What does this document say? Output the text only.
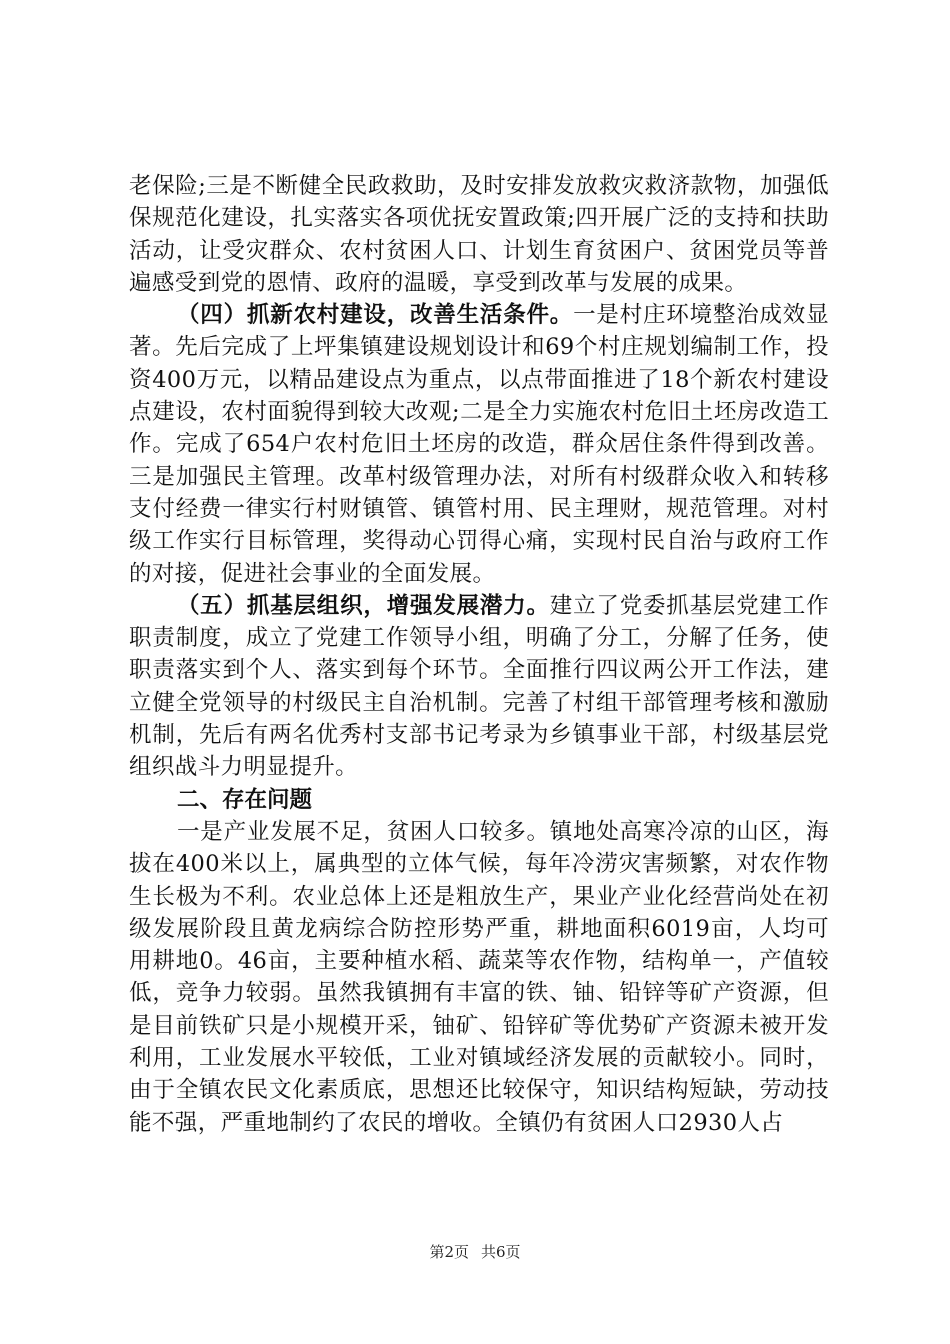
老保险;三是不断健全民政救助，及时安排发放救灾救济款物，加强低保规范化建设，扎实落实各项优抚安置政策;四开展广泛的支持和扶助活动，让受灾群众、农村贫困人口、计划生育贫困户、贫困党员等普遍感受到党的恩情、政府的温暖，享受到改革与发展的成果。

（四）抓新农村建设，改善生活条件。一是村庄环境整治成效显著。先后完成了上坪集镇建设规划设计和69个村庄规划编制工作，投资400万元，以精品建设点为重点，以点带面推进了18个新农村建设点建设，农村面貌得到较大改观;二是全力实施农村危旧土坯房改造工作。完成了654户农村危旧土坯房的改造，群众居住条件得到改善。三是加强民主管理。改革村级管理办法，对所有村级群众收入和转移支付经费一律实行村财镇管、镇管村用、民主理财，规范管理。对村级工作实行目标管理，奖得动心罚得心痛，实现村民自治与政府工作的对接，促进社会事业的全面发展。

（五）抓基层组织，增强发展潜力。建立了党委抓基层党建工作职责制度，成立了党建工作领导小组，明确了分工，分解了任务，使职责落实到个人、落实到每个环节。全面推行四议两公开工作法，建立健全党领导的村级民主自治机制。完善了村组干部管理考核和激励机制，先后有两名优秀村支部书记考录为乡镇事业干部，村级基层党组织战斗力明显提升。

二、存在问题

一是产业发展不足，贫困人口较多。镇地处高寒冷凉的山区，海拔在400米以上，属典型的立体气候，每年冷涝灾害频繁，对农作物生长极为不利。农业总体上还是粗放生产，果业产业化经营尚处在初级发展阶段且黄龙病综合防控形势严重，耕地面积6019亩，人均可用耕地0。46亩，主要种植水稻、蔬菜等农作物，结构单一，产值较低，竞争力较弱。虽然我镇拥有丰富的铁、铀、铅锌等矿产资源，但是目前铁矿只是小规模开采，铀矿、铅锌矿等优势矿产资源未被开发利用，工业发展水平较低，工业对镇域经济发展的贡献较小。同时，由于全镇农民文化素质底，思想还比较保守，知识结构短缺，劳动技能不强，严重地制约了农民的增收。全镇仍有贫困人口2930人占

第2页 共6页
